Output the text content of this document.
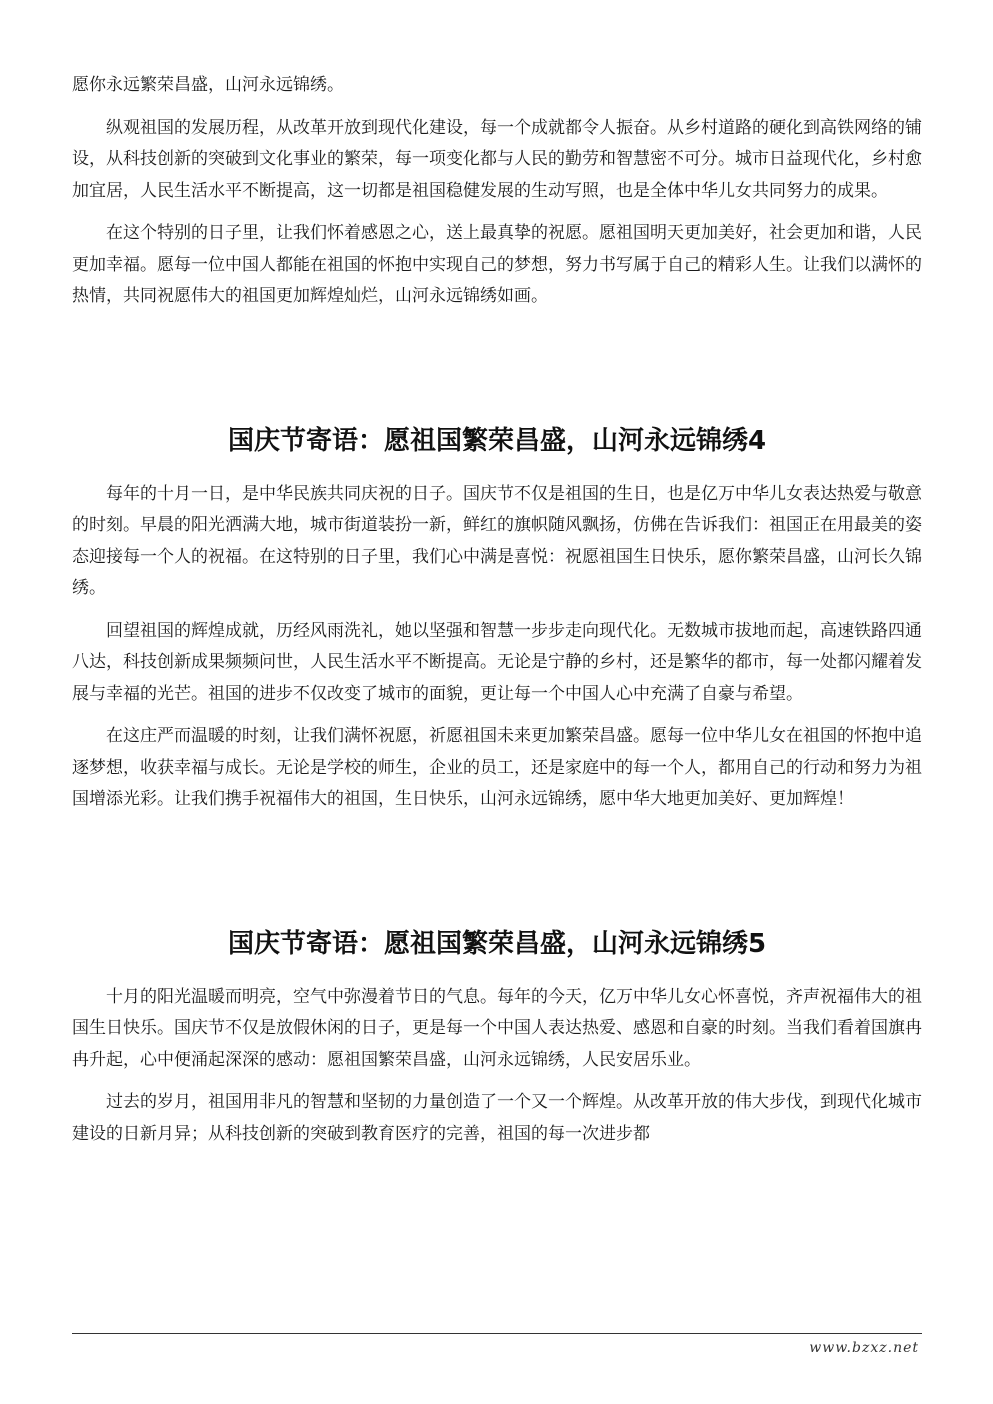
愿你永远繁荣昌盛，山河永远锦绣。

纵观祖国的发展历程，从改革开放到现代化建设，每一个成就都令人振奋。从乡村道路的硬化到高铁网络的铺设，从科技创新的突破到文化事业的繁荣，每一项变化都与人民的勤劳和智慧密不可分。城市日益现代化，乡村愈加宜居，人民生活水平不断提高，这一切都是祖国稳健发展的生动写照，也是全体中华儿女共同努力的成果。

在这个特别的日子里，让我们怀着感恩之心，送上最真挚的祝愿。愿祖国明天更加美好，社会更加和谐，人民更加幸福。愿每一位中国人都能在祖国的怀抱中实现自己的梦想，努力书写属于自己的精彩人生。让我们以满怀的热情，共同祝愿伟大的祖国更加辉煌灿烂，山河永远锦绣如画。

国庆节寄语：愿祖国繁荣昌盛，山河永远锦绣4

每年的十月一日，是中华民族共同庆祝的日子。国庆节不仅是祖国的生日，也是亿万中华儿女表达热爱与敬意的时刻。早晨的阳光洒满大地，城市街道装扮一新，鲜红的旗帜随风飘扬，仿佛在告诉我们：祖国正在用最美的姿态迎接每一个人的祝福。在这特别的日子里，我们心中满是喜悦：祝愿祖国生日快乐，愿你繁荣昌盛，山河长久锦绣。

回望祖国的辉煌成就，历经风雨洗礼，她以坚强和智慧一步步走向现代化。无数城市拔地而起，高速铁路四通八达，科技创新成果频频问世，人民生活水平不断提高。无论是宁静的乡村，还是繁华的都市，每一处都闪耀着发展与幸福的光芒。祖国的进步不仅改变了城市的面貌，更让每一个中国人心中充满了自豪与希望。

在这庄严而温暖的时刻，让我们满怀祝愿，祈愿祖国未来更加繁荣昌盛。愿每一位中华儿女在祖国的怀抱中追逐梦想，收获幸福与成长。无论是学校的师生，企业的员工，还是家庭中的每一个人，都用自己的行动和努力为祖国增添光彩。让我们携手祝福伟大的祖国，生日快乐，山河永远锦绣，愿中华大地更加美好、更加辉煌！

国庆节寄语：愿祖国繁荣昌盛，山河永远锦绣5

十月的阳光温暖而明亮，空气中弥漫着节日的气息。每年的今天，亿万中华儿女心怀喜悦，齐声祝福伟大的祖国生日快乐。国庆节不仅是放假休闲的日子，更是每一个中国人表达热爱、感恩和自豪的时刻。当我们看着国旗冉冉升起，心中便涌起深深的感动：愿祖国繁荣昌盛，山河永远锦绣，人民安居乐业。

过去的岁月，祖国用非凡的智慧和坚韧的力量创造了一个又一个辉煌。从改革开放的伟大步伐，到现代化城市建设的日新月异；从科技创新的突破到教育医疗的完善，祖国的每一次进步都

www.bzxz.net
